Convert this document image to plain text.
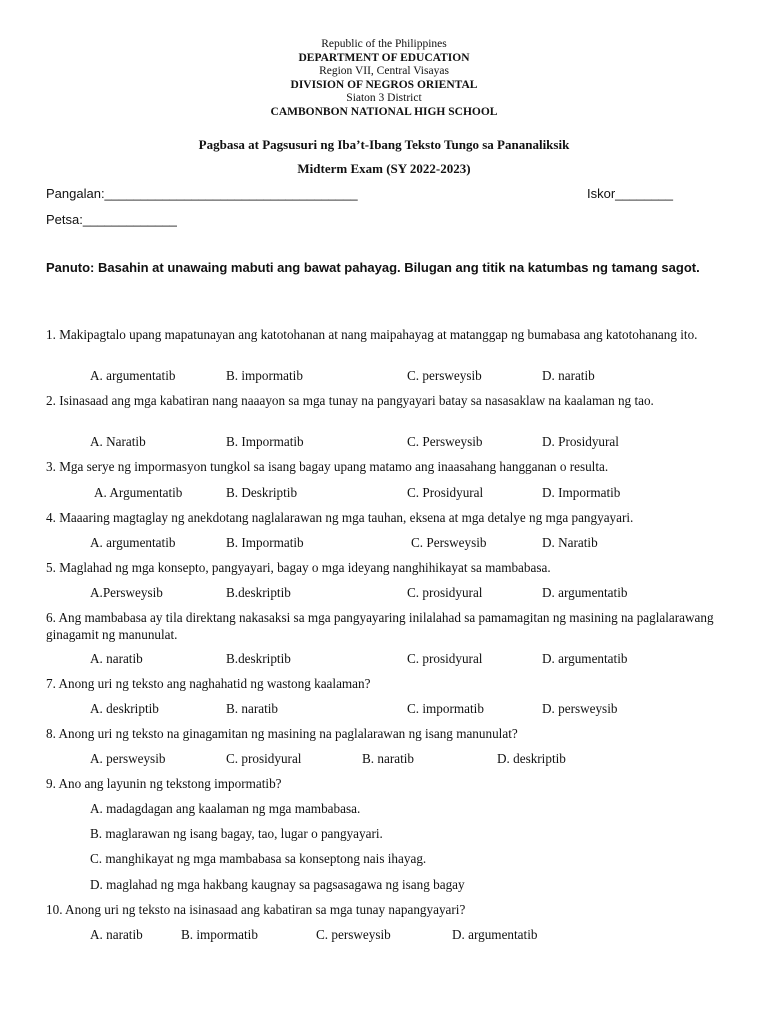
Republic of the Philippines
DEPARTMENT OF EDUCATION
Region VII, Central Visayas
DIVISION OF NEGROS ORIENTAL
Siaton 3 District
CAMBONBON NATIONAL HIGH SCHOOL
Pagbasa at Pagsusuri ng Iba’t-Ibang Teksto Tungo sa Pananaliksik
Midterm Exam (SY 2022-2023)
Pangalan:___________________________________	Iskor________
Petsa:_____________
Panuto: Basahin at unawaing mabuti ang bawat pahayag. Bilugan ang titik na katumbas ng tamang sagot.
1. Makipagtalo upang mapatunayan ang katotohanan at nang maipahayag at matanggap ng bumabasa ang katotohanang ito.
A. argumentatib	B. impormatib	C. persweysib	D. naratib
2. Isinasaad ang mga kabatiran nang naaayon sa mga tunay na pangyayari batay sa nasasaklaw na kaalaman ng tao.
A. Naratib	B. Impormatib	C. Persweysib	D. Prosidyural
3. Mga serye ng impormasyon tungkol sa isang bagay upang matamo ang inaasahang hangganan o resulta.
A. Argumentatib	B. Deskriptib	C. Prosidyural	D. Impormatib
4. Maaaring magtaglay ng anekdotang naglalarawan ng mga tauhan, eksena at mga detalye ng mga pangyayari.
A. argumentatib	B. Impormatib	C. Persweysib	D. Naratib
5. Maglahad ng mga konsepto, pangyayari, bagay o mga ideyang nanghihikayat sa mambabasa.
A.Persweysib	B.deskriptib	C. prosidyural	D. argumentatib
6. Ang mambabasa ay tila direktang nakasaksi sa mga pangyayaring inilalahad sa pamamagitan ng masining na paglalarawang ginagamit ng manunulat.
A. naratib	B.deskriptib	C. prosidyural	D. argumentatib
7. Anong uri ng teksto ang naghahatid ng wastong kaalaman?
A. deskriptib	B. naratib	C. impormatib	D. persweysib
8. Anong uri ng teksto na ginagamitan ng masining na paglalarawan ng isang manunulat?
A. persweysib	C. prosidyural	B. naratib	D. deskriptib
9. Ano ang layunin ng tekstong impormatib?
A. madagdagan ang kaalaman ng mga mambabasa.
B. maglarawan ng isang bagay, tao, lugar o pangyayari.
C. manghikayat ng mga mambabasa sa konseptong nais ihayag.
D. maglahad ng mga hakbang kaugnay sa pagsasagawa ng isang bagay
10. Anong uri ng teksto na isinasaad ang kabatiran sa mga tunay napangyayari?
A. naratib	B. impormatib	C. persweysib	D. argumentatib
